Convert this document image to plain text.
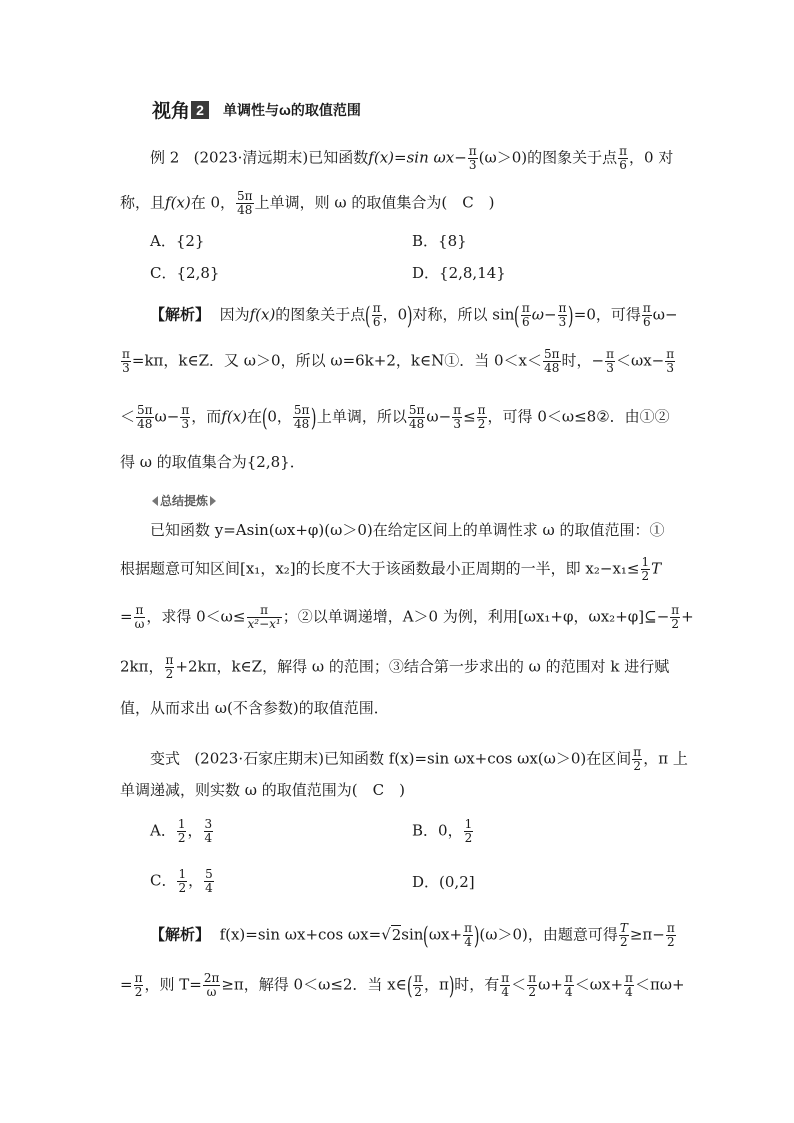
视角 2	单调性与ω的取值范围
例 2 (2023·清远期末)已知函数f(x)=sin $\omega x- \frac{\pi}{3} (\omega>0)$的图象关于点 $\frac{\pi}{6}$ ，0 对
称，且f(x)在 0， $\frac{5\pi}{48}$ 上单调，则 ω 的取值集合为(　C　)
A．{2}	B．{8}
C．{2,8}	D．{2,8,14}
【解析】 因为f(x)的图象关于点( $\frac{\pi}{6}$ ，0)对称，所以 $\sin( \frac{\pi}{6} \omega- \frac{\pi}{3} )=0$，可得 $\frac{\pi}{6} \omega-$
$\frac{\pi}{3} =k\pi$，k∈Z．又 ω＞0，所以 ω=6k+2，k∈N①．当 $0<x< \frac{5\pi}{48}$ 时，− $\frac{\pi}{3} <\omega x- \frac{\pi}{3}$
＜ $\frac{5\pi}{48} \omega- \frac{\pi}{3}$ ，而f(x)在(0， $\frac{5\pi}{48}$ )上单调，所以 $\frac{5\pi}{48} \omega- \frac{\pi}{3} \le \frac{\pi}{2}$ ，可得 0＜ω≤8②．由①②
得 ω 的取值集合为{2,8}．
总结提炼
已知函数 y=Asin(ωx+φ)(ω＞0)在给定区间上的单调性求 ω 的取值范围：①
根据题意可知区间[x₁，x₂]的长度不大于该函数最小正周期的一半，即 $x_2-x_1\le \frac{1}{2}$ T
= $\frac{\pi}{\omega}$ ，求得 $0<\omega\le \frac{\pi}{\text{x²−x¹}}$ ；②以单调递增，A＞0 为例，利用[ωx₁+φ，ωx₂+φ]⊆− $\frac{\pi}{2}$ +
2kπ， $\frac{\pi}{2} +2k\pi$，k∈Z，解得 ω 的范围；③结合第一步求出的 ω 的范围对 k 进行赋
值，从而求出 ω(不含参数)的取值范围．
变式 (2023·石家庄期末)已知函数 f(x)=sin ωx+cos ωx(ω＞0)在区间 $\frac{\pi}{2}$ ，π 上
单调递减，则实数 ω 的取值范围为(　C　)
A． $\frac{1}{2}$ ， $\frac{3}{4}$	B．0， $\frac{1}{2}$
C． $\frac{1}{2}$ ， $\frac{5}{4}$	D．(0,2]
【解析】 f(x)=sin ωx+cos $\omega x=√2\sin(\omega x+ \frac{\pi}{4} )(\omega>0)$，由题意可得 $\frac{T}{2} \ge\pi- \frac{\pi}{2}$
= $\frac{\pi}{2}$ ，则 $T= \frac{2\pi}{\omega} \ge\pi$，解得 0＜ω≤2．当 x∈( $\frac{\pi}{2}$ ，π)时，有 $\frac{\pi}{4} < \frac{\pi}{2} \omega+ \frac{\pi}{4} <\omega x+ \frac{\pi}{4} <\pi\omega+$
